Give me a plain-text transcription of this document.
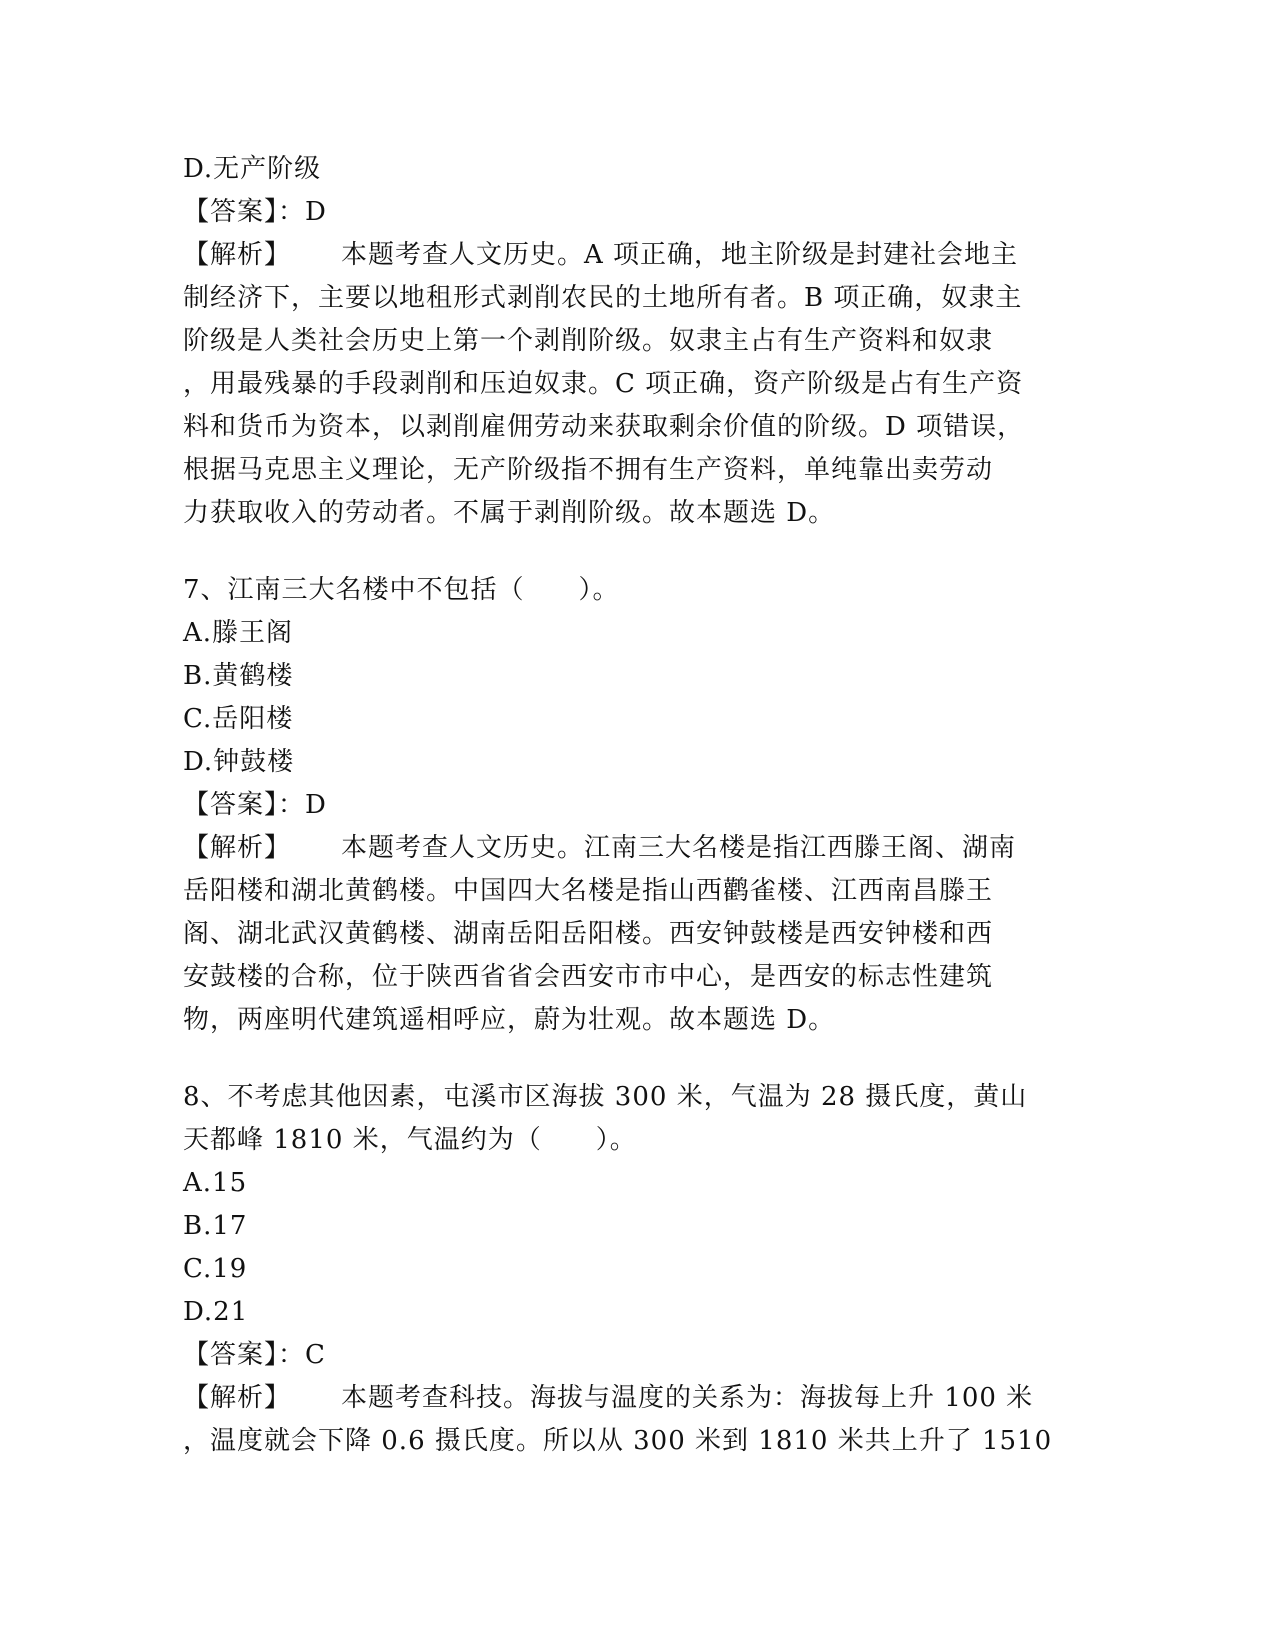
D.无产阶级
【答案】：D
【解析】 本题考查人文历史。A 项正确，地主阶级是封建社会地主
制经济下，主要以地租形式剥削农民的土地所有者。B 项正确，奴隶主
阶级是人类社会历史上第一个剥削阶级。奴隶主占有生产资料和奴隶
，用最残暴的手段剥削和压迫奴隶。C 项正确，资产阶级是占有生产资
料和货币为资本，以剥削雇佣劳动来获取剩余价值的阶级。D 项错误，
根据马克思主义理论，无产阶级指不拥有生产资料，单纯靠出卖劳动
力获取收入的劳动者。不属于剥削阶级。故本题选 D。
7、江南三大名楼中不包括（　　）。
A.滕王阁
B.黄鹤楼
C.岳阳楼
D.钟鼓楼
【答案】：D
【解析】 本题考查人文历史。江南三大名楼是指江西滕王阁、湖南
岳阳楼和湖北黄鹤楼。中国四大名楼是指山西鹳雀楼、江西南昌滕王
阁、湖北武汉黄鹤楼、湖南岳阳岳阳楼。西安钟鼓楼是西安钟楼和西
安鼓楼的合称，位于陕西省省会西安市市中心，是西安的标志性建筑
物，两座明代建筑遥相呼应，蔚为壮观。故本题选 D。
8、不考虑其他因素，屯溪市区海拔 300 米，气温为 28 摄氏度，黄山
天都峰 1810 米，气温约为（　　）。
A.15
B.17
C.19
D.21
【答案】：C
【解析】 本题考查科技。海拔与温度的关系为：海拔每上升 100 米
，温度就会下降 0.6 摄氏度。所以从 300 米到 1810 米共上升了 1510
